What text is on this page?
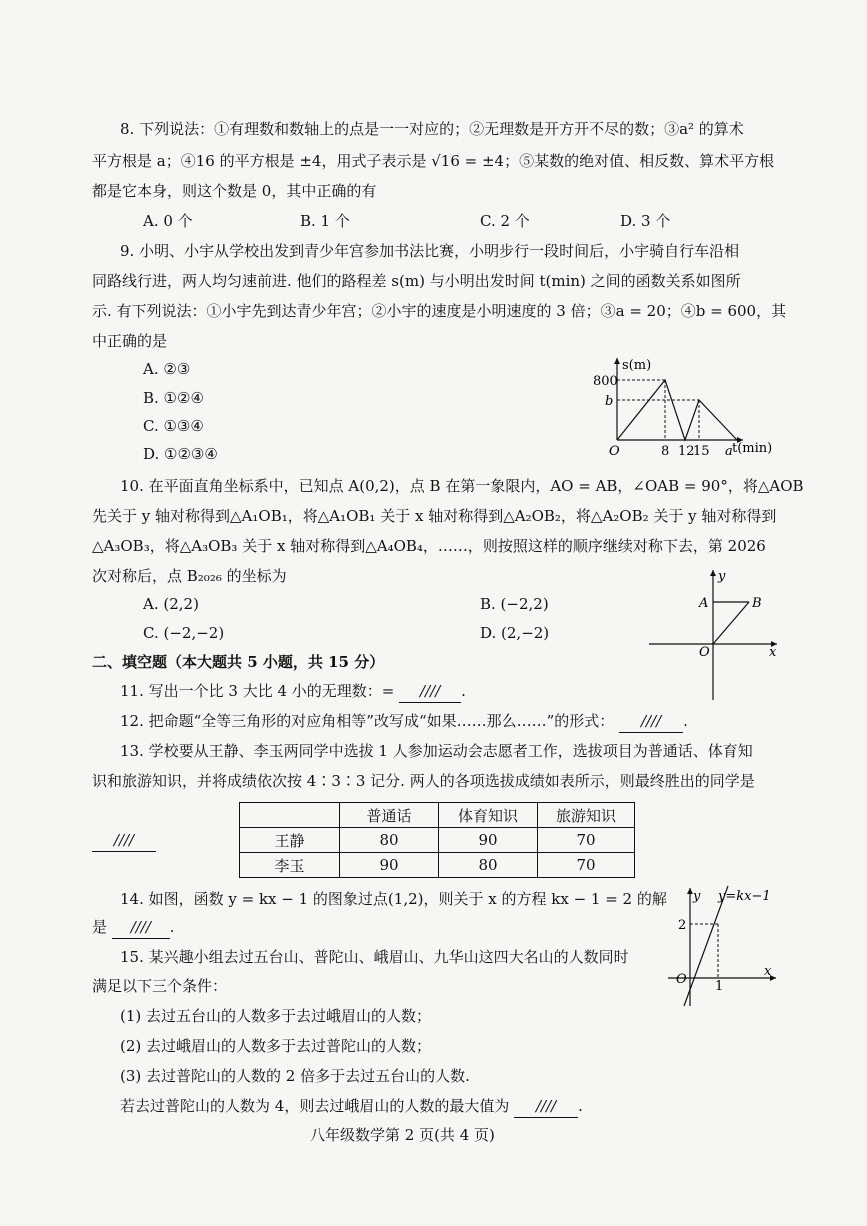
8. 下列说法：①有理数和数轴上的点是一一对应的；②无理数是开方开不尽的数；③a² 的算术
平方根是 a；④16 的平方根是 ±4，用式子表示是 √16 = ±4；⑤某数的绝对值、相反数、算术平方根
都是它本身，则这个数是 0，其中正确的有
A. 0 个	B. 1 个	C. 2 个	D. 3 个
9. 小明、小宇从学校出发到青少年宫参加书法比赛，小明步行一段时间后，小宇骑自行车沿相
同路线行进，两人均匀速前进. 他们的路程差 s(m) 与小明出发时间 t(min) 之间的函数关系如图所
示. 有下列说法：①小宇先到达青少年宫；②小宇的速度是小明速度的 3 倍；③a = 20；④b = 600，其
中正确的是
A. ②③
B. ①②④
C. ①③④
D. ①②③④
s(m)
800
b
O	8 12
15 a t(min)
10. 在平面直角坐标系中，已知点 A(0,2)，点 B 在第一象限内，AO = AB，∠OAB = 90°，将△AOB
先关于 y 轴对称得到△A₁OB₁，将△A₁OB₁ 关于 x 轴对称得到△A₂OB₂，将△A₂OB₂ 关于 y 轴对称得到
△A₃OB₃，将△A₃OB₃ 关于 x 轴对称得到△A₄OB₄，……，则按照这样的顺序继续对称下去，第 2026
次对称后，点 B₂₀₂₆ 的坐标为
A. (2,2)	B. (−2,2)
C. (−2,−2)	D. (2,−2)
y
A	B
O	x
二、填空题（本大题共 5 小题，共 15 分）
11. 写出一个比 3 大比 4 小的无理数：= //// .
12. 把命题“全等三角形的对应角相等”改写成“如果……那么……”的形式： //// .
13. 学校要从王静、李玉两同学中选拔 1 人参加运动会志愿者工作，选拔项目为普通话、体育知
识和旅游知识，并将成绩依次按 4∶3∶3 记分. 两人的各项选拔成绩如表所示，则最终胜出的同学是
////
	普通话	体育知识	旅游知识
王静	80	90	70
李玉	90	80	70
14. 如图，函数 y = kx − 1 的图象过点(1,2)，则关于 x 的方程 kx − 1 = 2 的解
是 //// .
y y=kx−1
2
O 1
x
15. 某兴趣小组去过五台山、普陀山、峨眉山、九华山这四大名山的人数同时
满足以下三个条件：
(1) 去过五台山的人数多于去过峨眉山的人数；
(2) 去过峨眉山的人数多于去过普陀山的人数；
(3) 去过普陀山的人数的 2 倍多于去过五台山的人数.
若去过普陀山的人数为 4，则去过峨眉山的人数的最大值为 //// .
八年级数学第 2 页(共 4 页)
